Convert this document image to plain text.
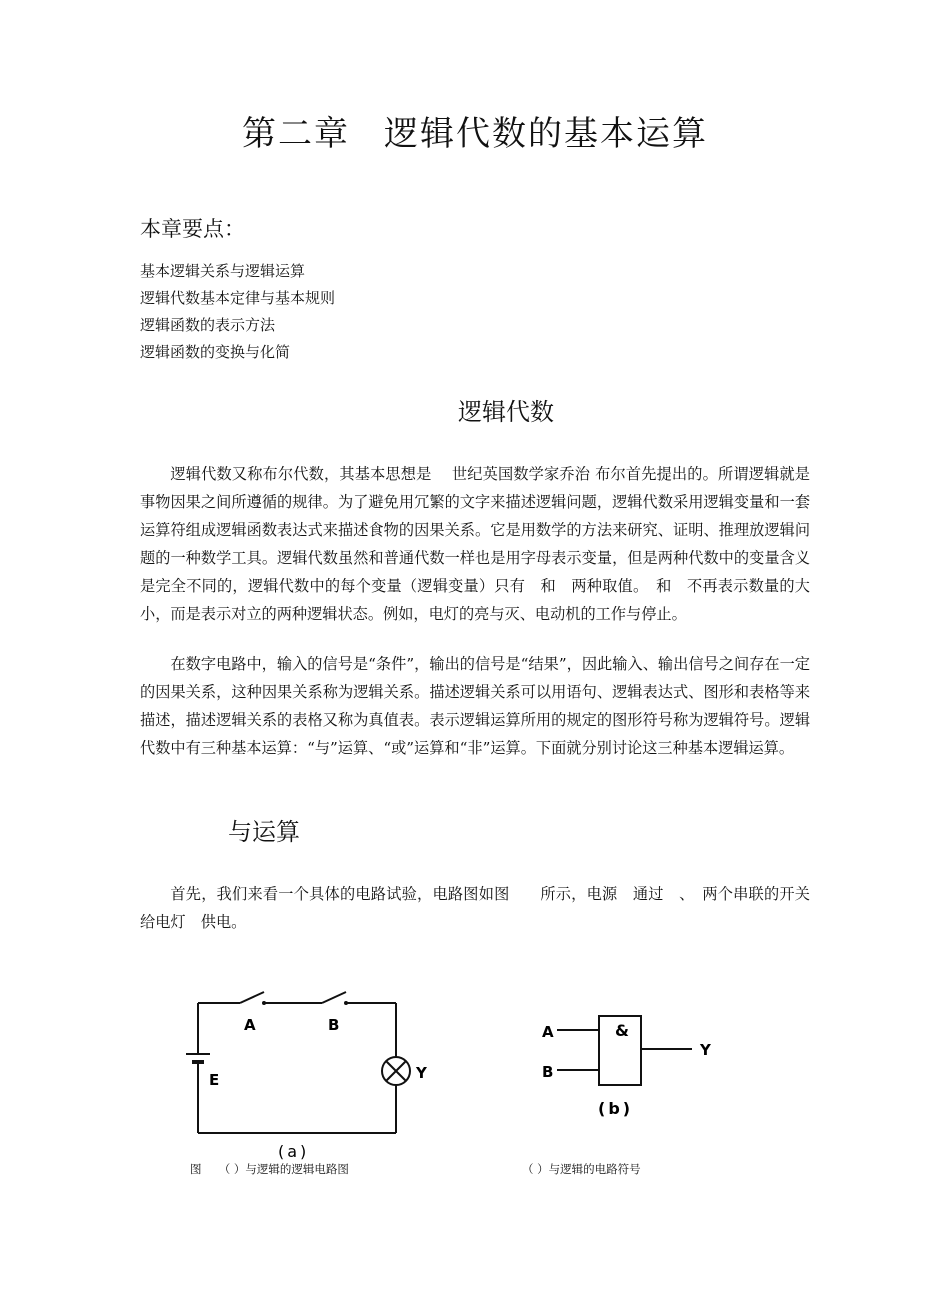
第二章 逻辑代数的基本运算
本章要点：
基本逻辑关系与逻辑运算
逻辑代数基本定律与基本规则
逻辑函数的表示方法
逻辑函数的变换与化简
逻辑代数
逻辑代数又称布尔代数，其基本思想是　 世纪英国数学家乔治 布尔首先提出的。所谓逻辑就是事物因果之间所遵循的规律。为了避免用冗繁的文字来描述逻辑问题，逻辑代数采用逻辑变量和一套运算符组成逻辑函数表达式来描述食物的因果关系。它是用数学的方法来研究、证明、推理放逻辑问题的一种数学工具。逻辑代数虽然和普通代数一样也是用字母表示变量，但是两种代数中的变量含义是完全不同的，逻辑代数中的每个变量（逻辑变量）只有　和　两种取值。　和　不再表示数量的大小，而是表示对立的两种逻辑状态。例如，电灯的亮与灭、电动机的工作与停止。
在数字电路中，输入的信号是“条件”，输出的信号是“结果”，因此输入、输出信号之间存在一定的因果关系，这种因果关系称为逻辑关系。描述逻辑关系可以用语句、逻辑表达式、图形和表格等来描述，描述逻辑关系的表格又称为真值表。表示逻辑运算所用的规定的图形符号称为逻辑符号。逻辑代数中有三种基本运算：“与”运算、“或”运算和“非”运算。下面就分别讨论这三种基本逻辑运算。
与运算
首先，我们来看一个具体的电路试验，电路图如图　　所示，电源　通过　、　两个串联的开关给电灯　供电。
A	B
E	Y
(a)
A
B
&
Y
(b)
图　　（ ）与逻辑的逻辑电路图	（ ）与逻辑的电路符号
